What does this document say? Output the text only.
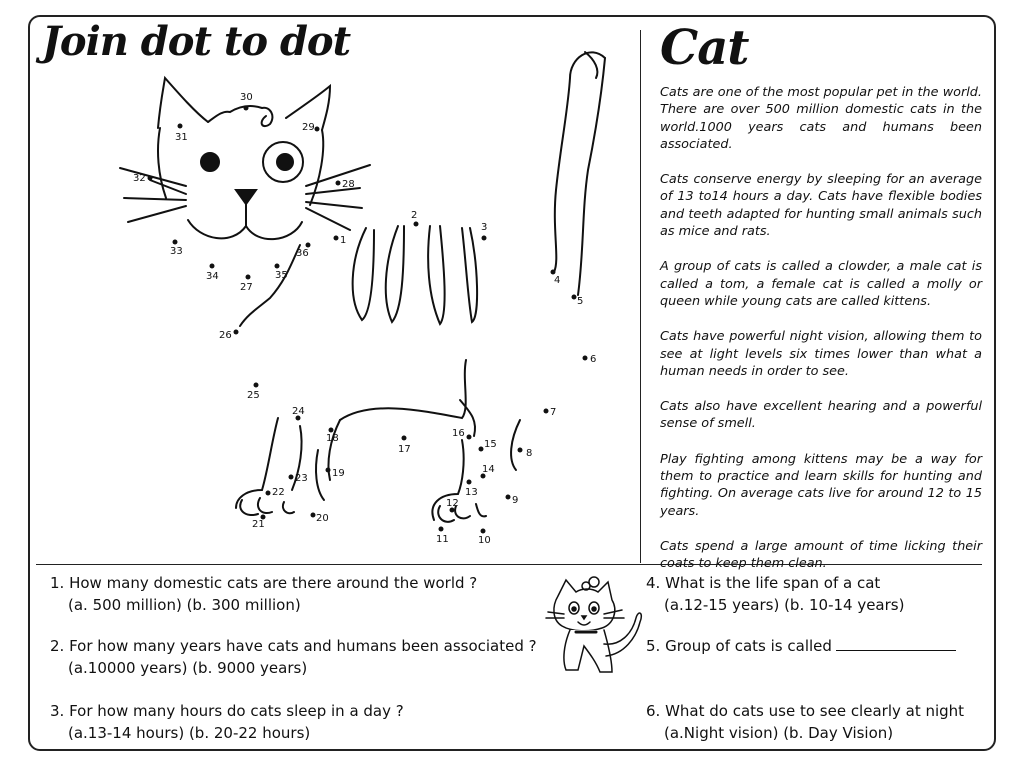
Join dot to dot	Cat

Cats are one of the most popular pet in the world. There are over 500 million domestic cats in the world.1000 years cats and humans been associated.

Cats conserve energy by sleeping for an average of 13 to14 hours a day. Cats have flexible bodies and teeth adapted for hunting small animals such as mice and rats.

A group of cats is called a clowder, a male cat is called a tom, a female cat is called a molly or queen while young cats are called kittens.

Cats have powerful night vision, allowing them to see at light levels six times lower than what a human needs in order to see.

Cats also have excellent hearing and a powerful sense of smell.

Play fighting among kittens may be a way for them to practice and learn skills for hunting and fighting. On average cats live for around 12 to 15 years.

Cats spend a large amount of time licking their coats to keep them clean.

1
2
3
4
5
6
7
8
9
10
11
12
13
14
15
16
17
18
19
20
21
22
23
24
25
26
27
28
29
30
31
32
33
34	35
36
1. How many domestic cats are there around the world ?
(a. 500 million) (b. 300 million)
2. For how many years have cats and humans been associated ?
(a.10000 years) (b. 9000 years)
3. For how many hours do cats sleep in a day ?
(a.13-14 hours) (b. 20-22 hours)
4. What is the life span of a cat
(a.12-15 years) (b. 10-14 years)
5. Group of cats is called
6. What do cats use to see clearly at night
(a.Night vision) (b. Day Vision)
